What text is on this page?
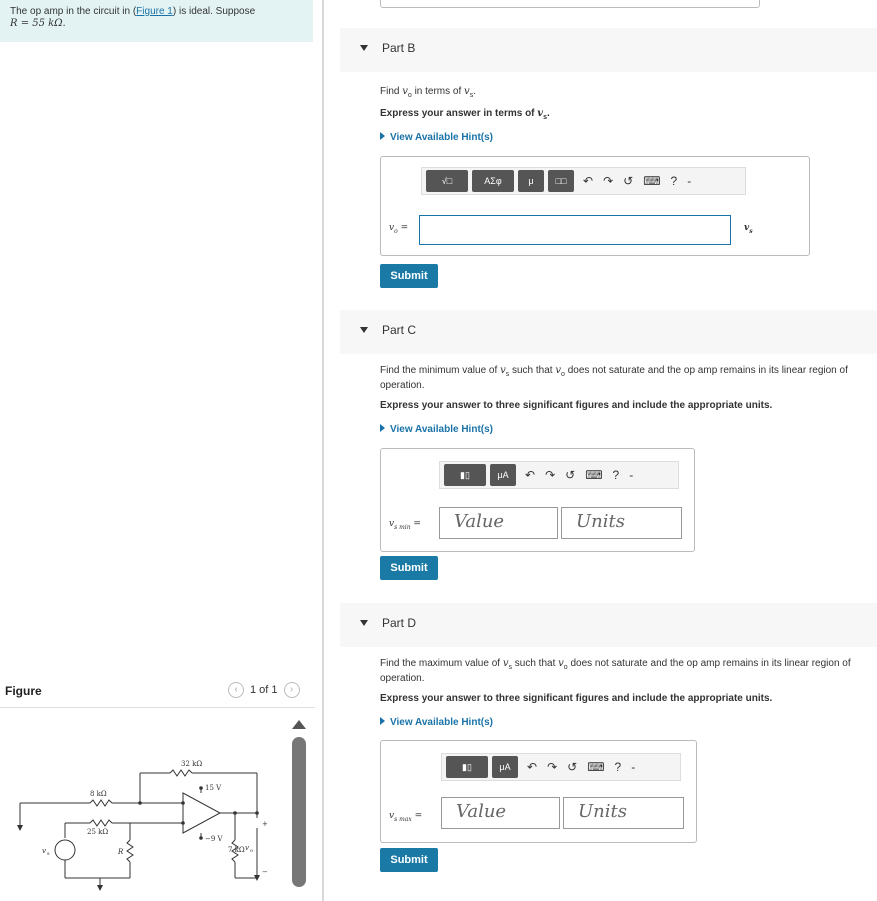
The op amp in the circuit in (Figure 1) is ideal. Suppose
R = 55 kΩ.
Figure	‹	1 of 1	›
32 kΩ
8 kΩ
25 kΩ
R	7 kΩ
15 V
−9 V
v s
v o
+
−
Part B
Find $v_o$ in terms of $v_s$.
Express your answer in terms of $v_s$.
View Available Hint(s)
√□	ΑΣφ	μ	□□	↶ ↷ ↺ ⌨ ? -
$v_o$ =	$v_s$
Submit
Part C
Find the minimum value of $v_s$ such that $v_o$ does not saturate and the op amp remains in its linear region of operation.
Express your answer to three significant figures and include the appropriate units.
View Available Hint(s)
▮▯	μA	↶ ↷ ↺ ⌨ ? -
$v_{s min}$ = Value	Units
Submit
Part D
Find the maximum value of $v_s$ such that $v_o$ does not saturate and the op amp remains in its linear region of operation.
Express your answer to three significant figures and include the appropriate units.
View Available Hint(s)
▮▯	μA	↶ ↷ ↺ ⌨ ? -
$v_{s max}$ = Value	Units
Submit
